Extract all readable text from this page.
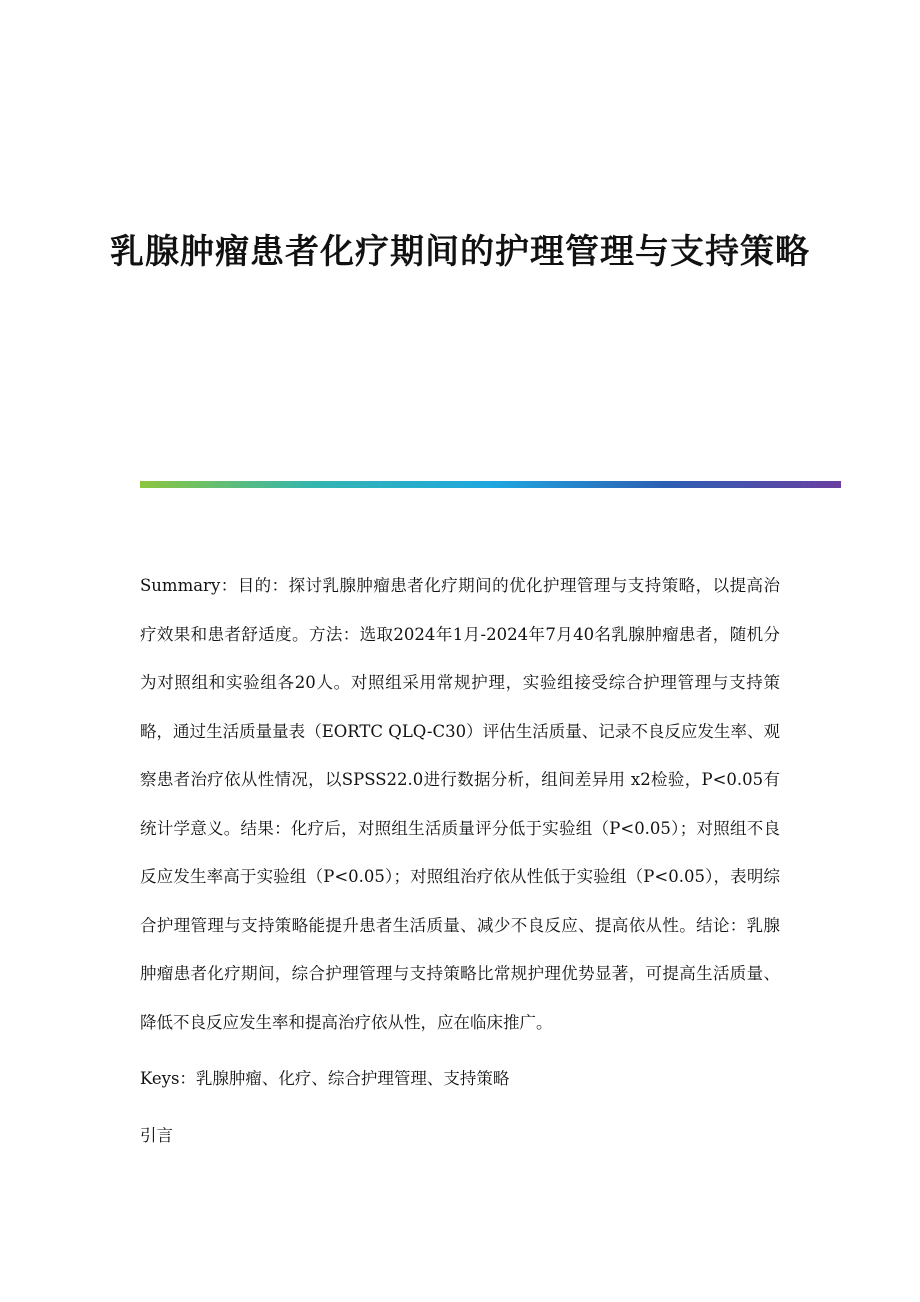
乳腺肿瘤患者化疗期间的护理管理与支持策略

Summary：目的：探讨乳腺肿瘤患者化疗期间的优化护理管理与支持策略，以提高治疗效果和患者舒适度。方法：选取2024年1月-2024年7月40名乳腺肿瘤患者，随机分为对照组和实验组各20人。对照组采用常规护理，实验组接受综合护理管理与支持策略，通过生活质量量表（EORTC QLQ-C30）评估生活质量、记录不良反应发生率、观察患者治疗依从性情况，以SPSS22.0进行数据分析，组间差异用 x2检验，P<0.05有统计学意义。结果：化疗后，对照组生活质量评分低于实验组（P<0.05）；对照组不良反应发生率高于实验组（P<0.05）；对照组治疗依从性低于实验组（P<0.05），表明综合护理管理与支持策略能提升患者生活质量、减少不良反应、提高依从性。结论：乳腺肿瘤患者化疗期间，综合护理管理与支持策略比常规护理优势显著，可提高生活质量、降低不良反应发生率和提高治疗依从性，应在临床推广。

Keys：乳腺肿瘤、化疗、综合护理管理、支持策略

引言
